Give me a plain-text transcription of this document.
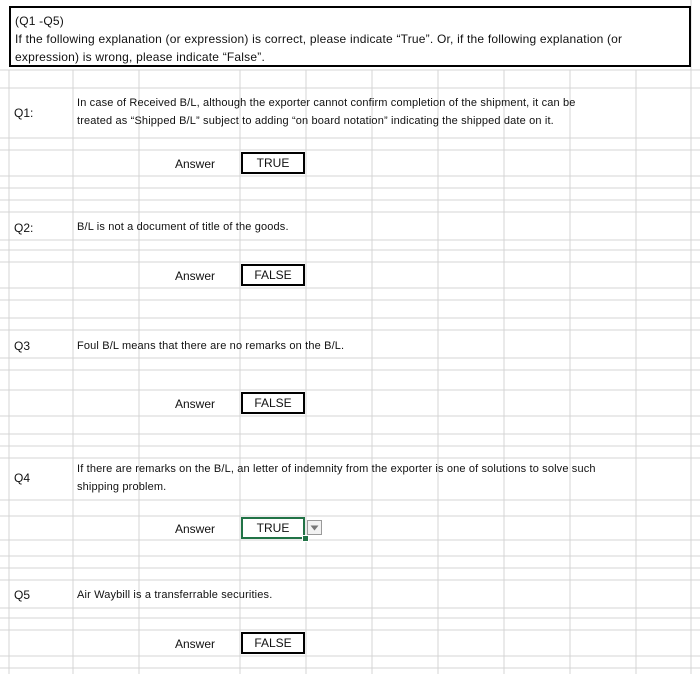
(Q1 -Q5)
If the following explanation (or expression) is correct, please indicate “True”. Or, if the following explanation (or
expression) is wrong, please indicate “False”.
Q1:
In case of Received B/L, although the exporter cannot confirm completion of the shipment, it can be
treated as “Shipped B/L” subject to adding “on board notation” indicating the shipped date on it.
Answer	TRUE
Q2:	B/L is not a document of title of the goods.
Answer	FALSE
Q3	Foul B/L means that there are no remarks on the B/L.
Answer	FALSE
Q4
If there are remarks on the B/L, an letter of indemnity from the exporter is one of solutions to solve such
shipping problem.
Answer	TRUE
Q5	Air Waybill is a transferrable securities.
Answer	FALSE
